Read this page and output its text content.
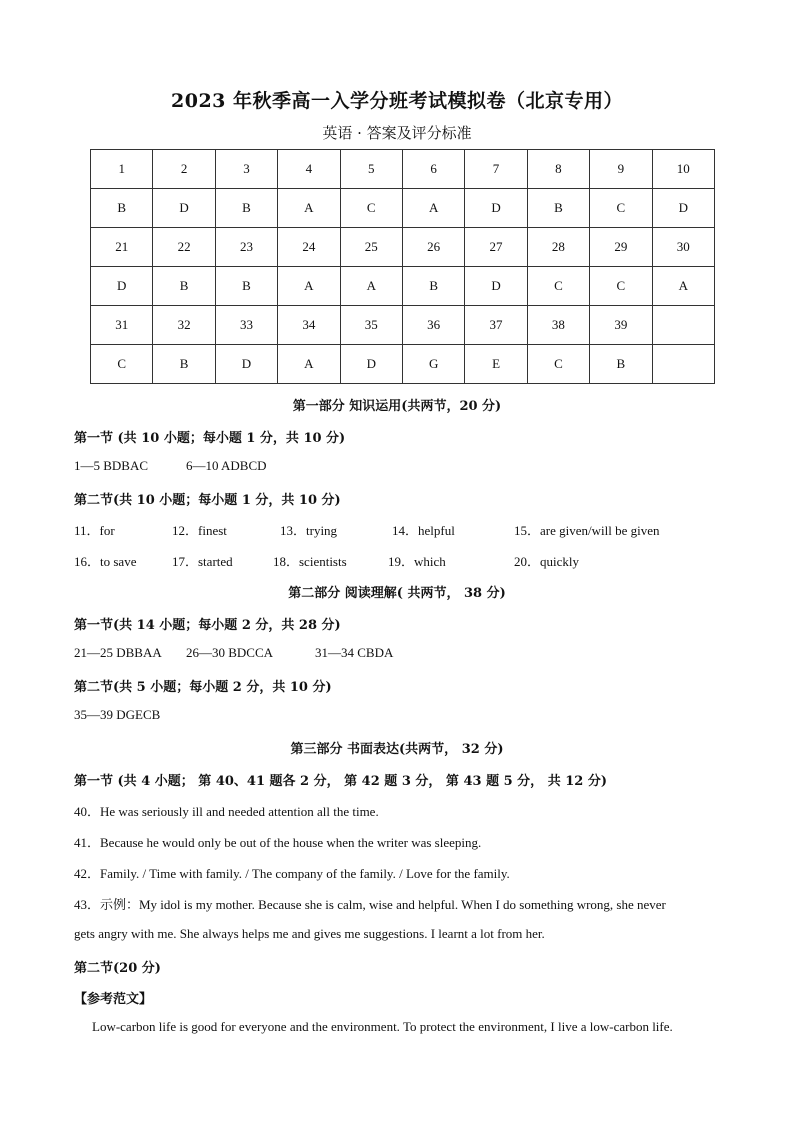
2023 年秋季高一入学分班考试模拟卷（北京专用）
英语 · 答案及评分标准
1	2	3	4	5	6	7	8	9	10
B	D	B	A	C	A	D	B	C	D
21	22	23	24	25	26	27	28	29	30
D	B	B	A	A	B	D	C	C	A
31	32	33	34	35	36	37	38	39	
C	B	D	A	D	G	E	C	B	
第一部分 知识运用(共两节，20 分)
第一节 (共 10 小题；每小题 1 分，共 10 分)
1—5 BDBAC	6—10 ADBCD
第二节(共 10 小题；每小题 1 分，共 10 分)
11．for	12．finest	13．trying	14．helpful	15．are given/will be given
16．to save	17．started	18．scientists	19．which	20．quickly
第二部分 阅读理解( 共两节， 38 分)
第一节(共 14 小题；每小题 2 分，共 28 分)
21—25 DBBAA 26—30 BDCCA	31—34 CBDA
第二节(共 5 小题；每小题 2 分，共 10 分)
35—39 DGECB
第三部分 书面表达(共两节， 32 分)
第一节 (共 4 小题； 第 40、41 题各 2 分， 第 42 题 3 分， 第 43 题 5 分， 共 12 分)
40．He was seriously ill and needed attention all the time.
41．Because he would only be out of the house when the writer was sleeping.
42．Family. / Time with family. / The company of the family. / Love for the family.
43．示例：My idol is my mother. Because she is calm, wise and helpful. When I do something wrong, she never
gets angry with me. She always helps me and gives me suggestions. I learnt a lot from her.
第二节(20 分)
【参考范文】
Low-carbon life is good for everyone and the environment. To protect the environment, I live a low-carbon life.
